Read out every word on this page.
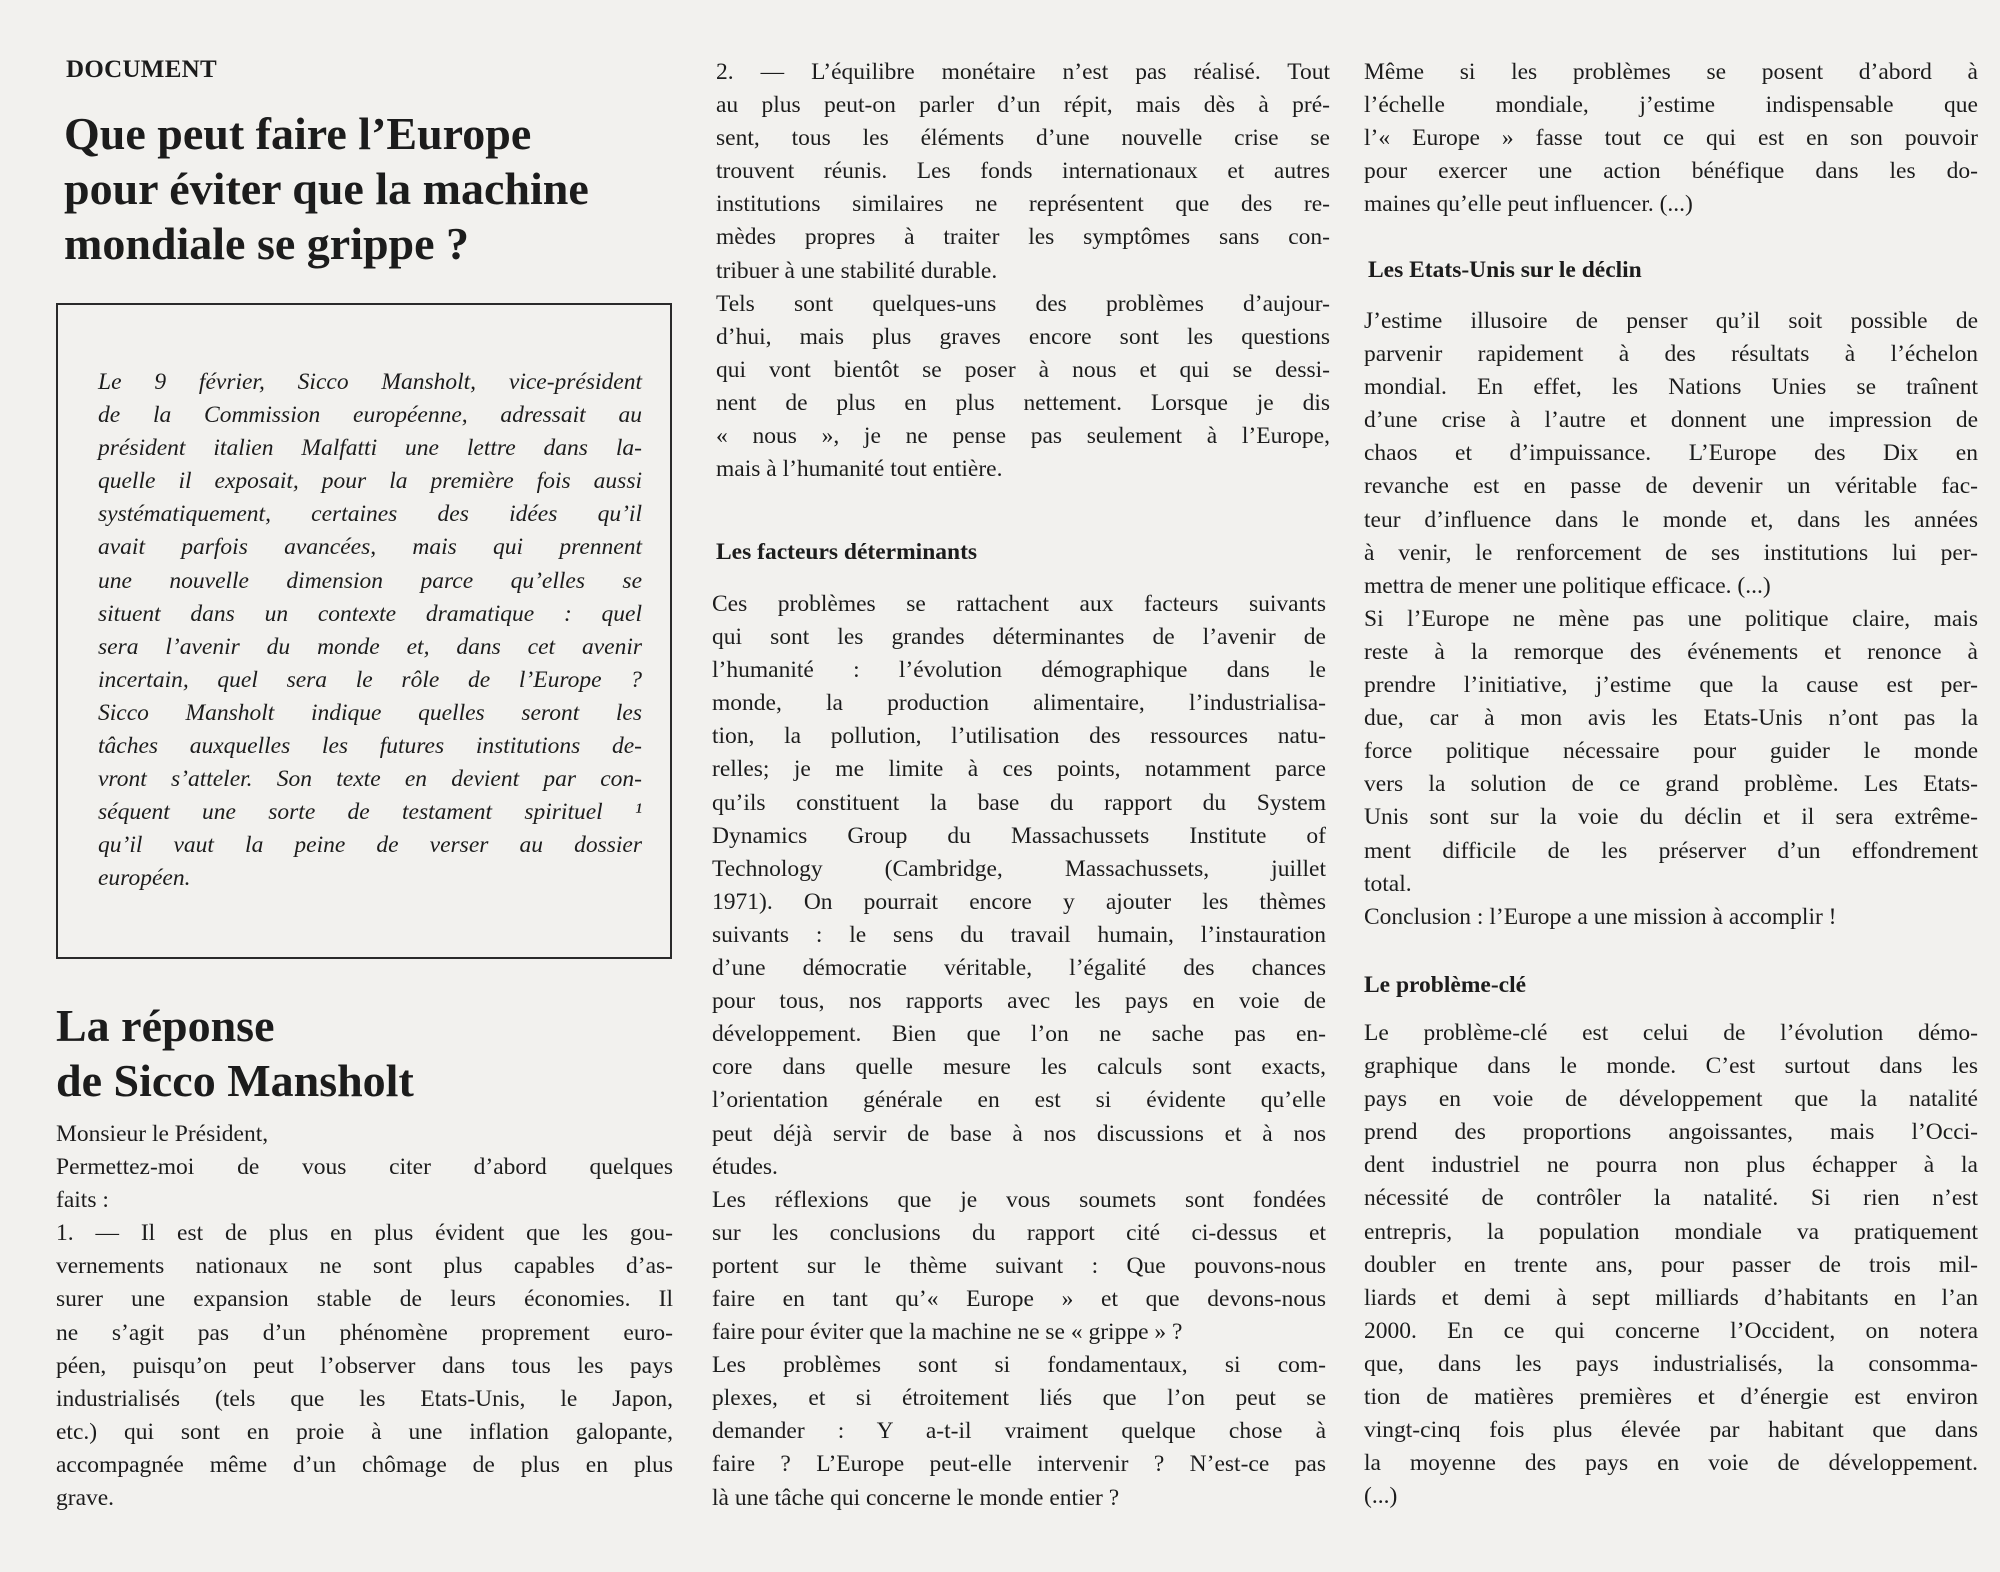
DOCUMENT

Que peut faire l’Europe
pour éviter que la machine
mondiale se grippe ?
Le 9 février, Sicco Mansholt, vice-président
de la Commission européenne, adressait au
président italien Malfatti une lettre dans la-
quelle il exposait, pour la première fois aussi
systématiquement, certaines des idées qu’il
avait parfois avancées, mais qui prennent
une nouvelle dimension parce qu’elles se
situent dans un contexte dramatique : quel
sera l’avenir du monde et, dans cet avenir
incertain, quel sera le rôle de l’Europe ?
Sicco Mansholt indique quelles seront les
tâches auxquelles les futures institutions de-
vront s’atteler. Son texte en devient par con-
séquent une sorte de testament spirituel ¹
qu’il vaut la peine de verser au dossier
européen.
La réponse
de Sicco Mansholt
Monsieur le Président,
Permettez-moi de vous citer d’abord quelques
faits :
1. — Il est de plus en plus évident que les gou-
vernements nationaux ne sont plus capables d’as-
surer une expansion stable de leurs économies. Il
ne s’agit pas d’un phénomène proprement euro-
péen, puisqu’on peut l’observer dans tous les pays
industrialisés (tels que les Etats-Unis, le Japon,
etc.) qui sont en proie à une inflation galopante,
accompagnée même d’un chômage de plus en plus
grave.
2. — L’équilibre monétaire n’est pas réalisé. Tout
au plus peut-on parler d’un répit, mais dès à pré-
sent, tous les éléments d’une nouvelle crise se
trouvent réunis. Les fonds internationaux et autres
institutions similaires ne représentent que des re-
mèdes propres à traiter les symptômes sans con-
tribuer à une stabilité durable.
Tels sont quelques-uns des problèmes d’aujour-
d’hui, mais plus graves encore sont les questions
qui vont bientôt se poser à nous et qui se dessi-
nent de plus en plus nettement. Lorsque je dis
« nous », je ne pense pas seulement à l’Europe,
mais à l’humanité tout entière.
Les facteurs déterminants
Ces problèmes se rattachent aux facteurs suivants
qui sont les grandes déterminantes de l’avenir de
l’humanité : l’évolution démographique dans le
monde, la production alimentaire, l’industrialisa-
tion, la pollution, l’utilisation des ressources natu-
relles; je me limite à ces points, notamment parce
qu’ils constituent la base du rapport du System
Dynamics Group du Massachussets Institute of
Technology (Cambridge, Massachussets, juillet
1971). On pourrait encore y ajouter les thèmes
suivants : le sens du travail humain, l’instauration
d’une démocratie véritable, l’égalité des chances
pour tous, nos rapports avec les pays en voie de
développement. Bien que l’on ne sache pas en-
core dans quelle mesure les calculs sont exacts,
l’orientation générale en est si évidente qu’elle
peut déjà servir de base à nos discussions et à nos
études.
Les réflexions que je vous soumets sont fondées
sur les conclusions du rapport cité ci-dessus et
portent sur le thème suivant : Que pouvons-nous
faire en tant qu’« Europe » et que devons-nous
faire pour éviter que la machine ne se « grippe » ?
Les problèmes sont si fondamentaux, si com-
plexes, et si étroitement liés que l’on peut se
demander : Y a-t-il vraiment quelque chose à
faire ? L’Europe peut-elle intervenir ? N’est-ce pas
là une tâche qui concerne le monde entier ?
Même si les problèmes se posent d’abord à
l’échelle mondiale, j’estime indispensable que
l’« Europe » fasse tout ce qui est en son pouvoir
pour exercer une action bénéfique dans les do-
maines qu’elle peut influencer. (...)
Les Etats-Unis sur le déclin
J’estime illusoire de penser qu’il soit possible de
parvenir rapidement à des résultats à l’échelon
mondial. En effet, les Nations Unies se traînent
d’une crise à l’autre et donnent une impression de
chaos et d’impuissance. L’Europe des Dix en
revanche est en passe de devenir un véritable fac-
teur d’influence dans le monde et, dans les années
à venir, le renforcement de ses institutions lui per-
mettra de mener une politique efficace. (...)
Si l’Europe ne mène pas une politique claire, mais
reste à la remorque des événements et renonce à
prendre l’initiative, j’estime que la cause est per-
due, car à mon avis les Etats-Unis n’ont pas la
force politique nécessaire pour guider le monde
vers la solution de ce grand problème. Les Etats-
Unis sont sur la voie du déclin et il sera extrême-
ment difficile de les préserver d’un effondrement
total.
Conclusion : l’Europe a une mission à accomplir !
Le problème-clé
Le problème-clé est celui de l’évolution démo-
graphique dans le monde. C’est surtout dans les
pays en voie de développement que la natalité
prend des proportions angoissantes, mais l’Occi-
dent industriel ne pourra non plus échapper à la
nécessité de contrôler la natalité. Si rien n’est
entrepris, la population mondiale va pratiquement
doubler en trente ans, pour passer de trois mil-
liards et demi à sept milliards d’habitants en l’an
2000. En ce qui concerne l’Occident, on notera
que, dans les pays industrialisés, la consomma-
tion de matières premières et d’énergie est environ
vingt-cinq fois plus élevée par habitant que dans
la moyenne des pays en voie de développement.
(...)
